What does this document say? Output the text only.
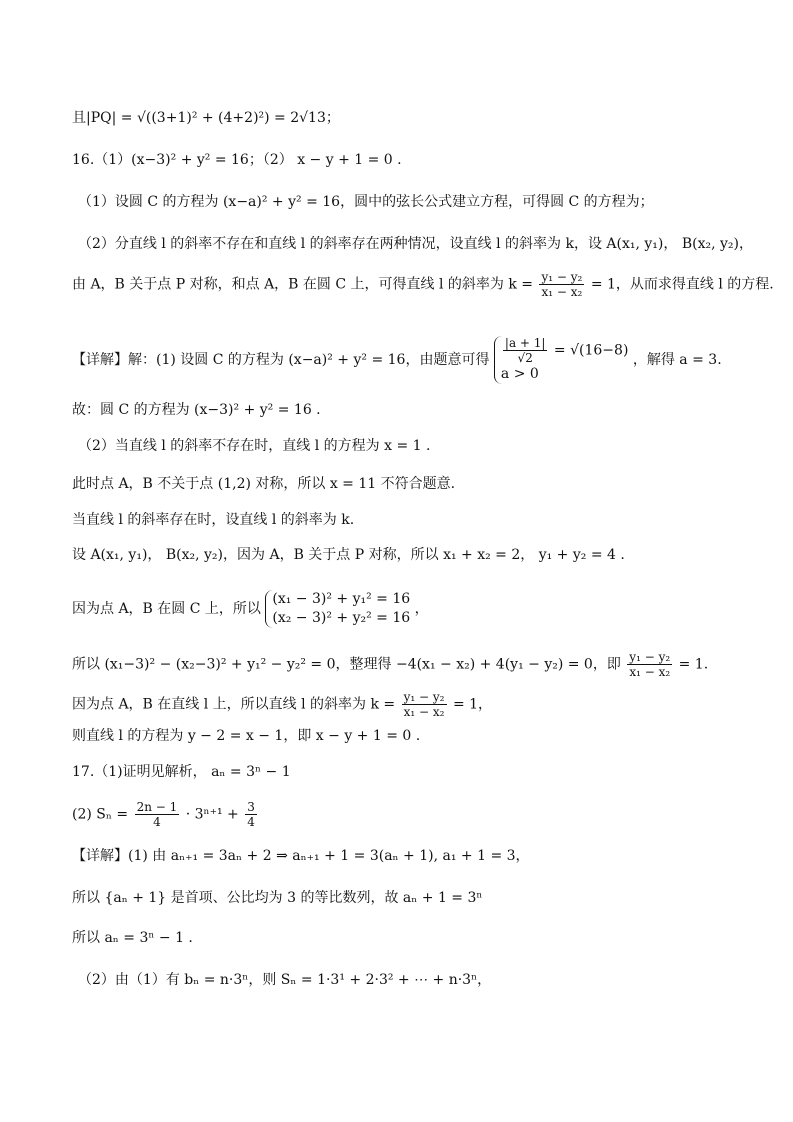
且|PQ| = √((3+1)² + (4+2)²) = 2√13；
16.（1）(x−3)² + y² = 16；（2） x − y + 1 = 0 .
（1）设圆 C 的方程为 (x−a)² + y² = 16，圆中的弦长公式建立方程，可得圆 C 的方程为；
（2）分直线 l 的斜率不存在和直线 l 的斜率存在两种情况，设直线 l 的斜率为 k，设 A(x₁, y₁)， B(x₂, y₂)，
由 A，B 关于点 P 对称，和点 A，B 在圆 C 上，可得直线 l 的斜率为 $k = \frac{\text{y₁ − y₂}}{\text{x₁ − x₂}} = 1$，从而求得直线 l 的方程.
【详解】解：(1) 设圆 C 的方程为 (x−a)² + y² = 16，由题意可得 $\frac{|a + 1|}{√2} = √(16-8)$
a > 0
，解得 a = 3.
故：圆 C 的方程为 (x−3)² + y² = 16 .
（2）当直线 l 的斜率不存在时，直线 l 的方程为 x = 1 .
此时点 A，B 不关于点 (1,2) 对称，所以 x = 11 不符合题意.
当直线 l 的斜率存在时，设直线 l 的斜率为 k.
设 A(x₁, y₁)， B(x₂, y₂)，因为 A，B 关于点 P 对称，所以 x₁ + x₂ = 2， y₁ + y₂ = 4 .
因为点 A，B 在圆 C 上，所以
(x₁ − 3)² + y₁² = 16
(x₂ − 3)² + y₂² = 16
，
所以 (x₁−3)² − (x₂−3)² + y₁² − y₂² = 0，整理得 −4(x₁ − x₂) + 4(y₁ − y₂) = 0，即 $\frac{\text{y₁ − y₂}}{\text{x₁ − x₂}} = 1$.
因为点 A，B 在直线 l 上，所以直线 l 的斜率为 $k = \frac{\text{y₁ − y₂}}{\text{x₁ − x₂}} = 1$，
则直线 l 的方程为 y − 2 = x − 1，即 x − y + 1 = 0 .
17.（1)证明见解析， aₙ = 3ⁿ − 1
(2) $S_n = \frac{2n - 1}{4} \cdot 3^{n+1} + \frac{3}{4}$
【详解】(1) 由 aₙ₊₁ = 3aₙ + 2 ⇒ aₙ₊₁ + 1 = 3(aₙ + 1), a₁ + 1 = 3，
所以 {aₙ + 1} 是首项、公比均为 3 的等比数列，故 aₙ + 1 = 3ⁿ
所以 aₙ = 3ⁿ − 1 .
（2）由（1）有 bₙ = n·3ⁿ，则 Sₙ = 1·3¹ + 2·3² + ⋯ + n·3ⁿ，
